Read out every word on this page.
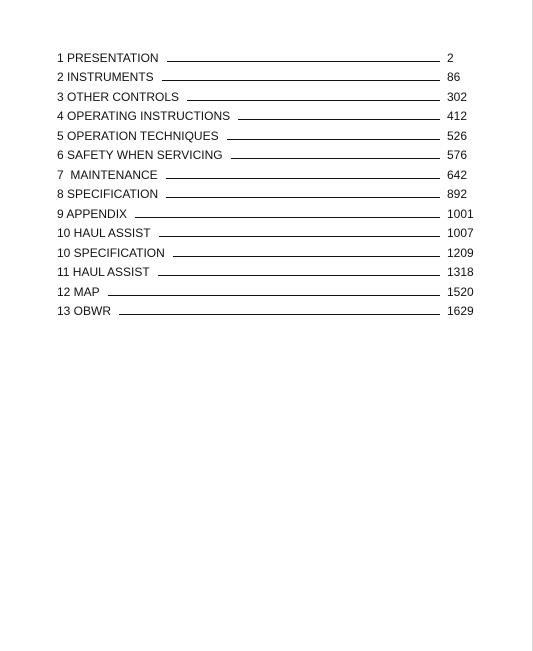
1 PRESENTATION	2
2 INSTRUMENTS	86
3 OTHER CONTROLS	302
4 OPERATING INSTRUCTIONS	412
5 OPERATION TECHNIQUES	526
6 SAFETY WHEN SERVICING	576
7  MAINTENANCE	642
8 SPECIFICATION	892
9 APPENDIX	1001
10 HAUL ASSIST	1007
10 SPECIFICATION	1209
11 HAUL ASSIST	1318
12 MAP	1520
13 OBWR	1629
